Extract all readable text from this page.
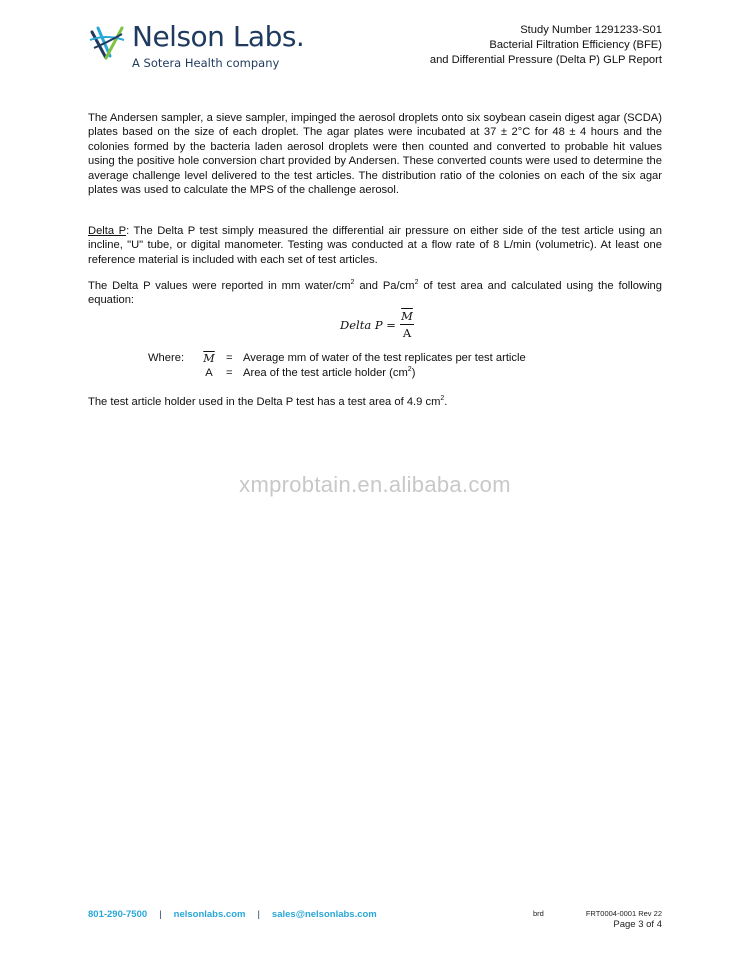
Nelson Labs.
A Sotera Health company
Study Number 1291233-S01
Bacterial Filtration Efficiency (BFE)
and Differential Pressure (Delta P) GLP Report
The Andersen sampler, a sieve sampler, impinged the aerosol droplets onto six soybean casein digest agar (SCDA) plates based on the size of each droplet. The agar plates were incubated at 37 ± 2°C for 48 ± 4 hours and the colonies formed by the bacteria laden aerosol droplets were then counted and converted to probable hit values using the positive hole conversion chart provided by Andersen. These converted counts were used to determine the average challenge level delivered to the test articles. The distribution ratio of the colonies on each of the six agar plates was used to calculate the MPS of the challenge aerosol.
Delta P: The Delta P test simply measured the differential air pressure on either side of the test article using an incline, "U" tube, or digital manometer. Testing was conducted at a flow rate of 8 L/min (volumetric). At least one reference material is included with each set of test articles.
The Delta P values were reported in mm water/$cm^2$ and $Pa/cm^2$ of test area and calculated using the following equation:
Delta P =
$\overline{M}$
A
Where:	$\overline{M}$ = Average mm of water of the test replicates per test article
A = Area of the test article holder $(cm^2)$
The test article holder used in the Delta P test has a test area of 4.9 $cm^2$.
xmprobtain.en.alibaba.com
801-290-7500 | nelsonlabs.com | sales@nelsonlabs.com	brd	FRT0004-0001 Rev 22
Page 3 of 4
